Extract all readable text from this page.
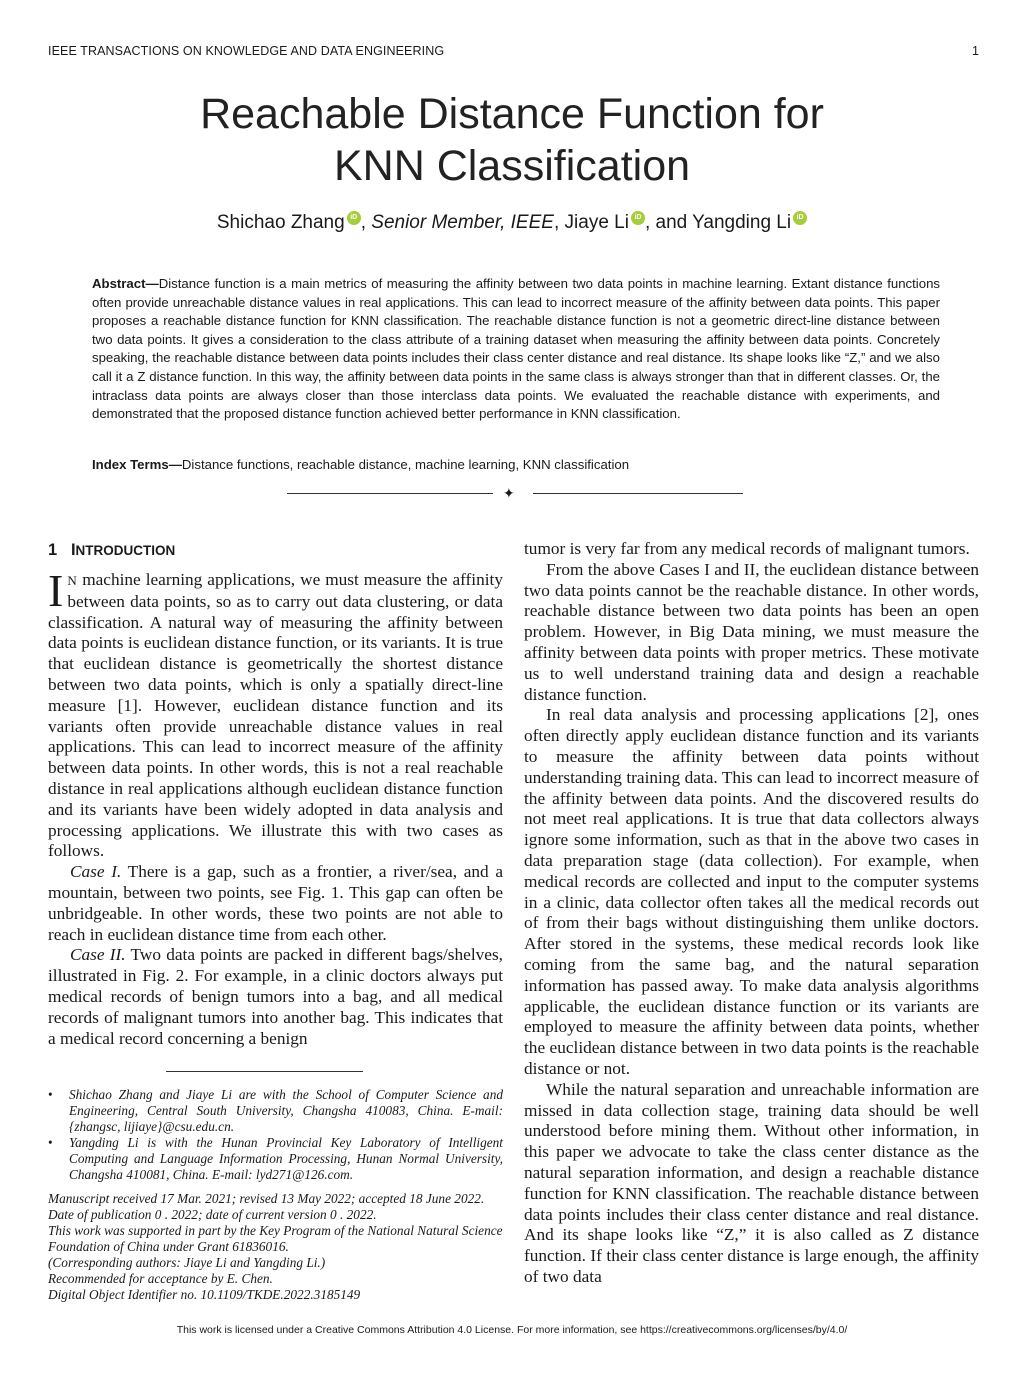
IEEE TRANSACTIONS ON KNOWLEDGE AND DATA ENGINEERING	1
Reachable Distance Function for
KNN Classification
Shichao Zhang iD , Senior Member, IEEE, Jiaye Li iD , and Yangding Li iD
Abstract—Distance function is a main metrics of measuring the affinity between two data points in machine learning. Extant distance functions often provide unreachable distance values in real applications. This can lead to incorrect measure of the affinity between data points. This paper proposes a reachable distance function for KNN classification. The reachable distance function is not a geometric direct-line distance between two data points. It gives a consideration to the class attribute of a training dataset when measuring the affinity between data points. Concretely speaking, the reachable distance between data points includes their class center distance and real distance. Its shape looks like “Z,” and we also call it a Z distance function. In this way, the affinity between data points in the same class is always stronger than that in different classes. Or, the intraclass data points are always closer than those interclass data points. We evaluated the reachable distance with experiments, and demonstrated that the proposed distance function achieved better performance in KNN classification.
Index Terms—Distance functions, reachable distance, machine learning, KNN classification
✦
1 INTRODUCTION

I N machine learning applications, we must measure the affinity between data points, so as to carry out data clustering, or data classification. A natural way of measuring the affinity between data points is euclidean distance function, or its variants. It is true that euclidean distance is geometrically the shortest distance between two data points, which is only a spatially direct-line measure [1]. However, euclidean distance function and its variants often provide unreachable distance values in real applications. This can lead to incorrect measure of the affinity between data points. In other words, this is not a real reachable distance in real applications although euclidean distance function and its variants have been widely adopted in data analysis and processing applications. We illustrate this with two cases as follows.

Case I. There is a gap, such as a frontier, a river/sea, and a mountain, between two points, see Fig. 1. This gap can often be unbridgeable. In other words, these two points are not able to reach in euclidean distance time from each other.

Case II. Two data points are packed in different bags/shelves, illustrated in Fig. 2. For example, in a clinic doctors always put medical records of benign tumors into a bag, and all medical records of malignant tumors into another bag. This indicates that a medical record concerning a benign

• Shichao Zhang and Jiaye Li are with the School of Computer Science and Engineering, Central South University, Changsha 410083, China. E-mail: {zhangsc, lijiaye}@csu.edu.cn.
• Yangding Li is with the Hunan Provincial Key Laboratory of Intelligent Computing and Language Information Processing, Hunan Normal University, Changsha 410081, China. E-mail: lyd271@126.com.
Manuscript received 17 Mar. 2021; revised 13 May 2022; accepted 18 June 2022.
Date of publication 0 . 2022; date of current version 0 . 2022.
This work was supported in part by the Key Program of the National Natural Science Foundation of China under Grant 61836016.
(Corresponding authors: Jiaye Li and Yangding Li.)
Recommended for acceptance by E. Chen.
Digital Object Identifier no. 10.1109/TKDE.2022.3185149

tumor is very far from any medical records of malignant tumors.

From the above Cases I and II, the euclidean distance between two data points cannot be the reachable distance. In other words, reachable distance between two data points has been an open problem. However, in Big Data mining, we must measure the affinity between data points with proper metrics. These motivate us to well understand training data and design a reachable distance function.

In real data analysis and processing applications [2], ones often directly apply euclidean distance function and its variants to measure the affinity between data points without understanding training data. This can lead to incorrect measure of the affinity between data points. And the discovered results do not meet real applications. It is true that data collectors always ignore some information, such as that in the above two cases in data preparation stage (data collection). For example, when medical records are collected and input to the computer systems in a clinic, data collector often takes all the medical records out of from their bags without distinguishing them unlike doctors. After stored in the systems, these medical records look like coming from the same bag, and the natural separation information has passed away. To make data analysis algorithms applicable, the euclidean distance function or its variants are employed to measure the affinity between data points, whether the euclidean distance between in two data points is the reachable distance or not.

While the natural separation and unreachable information are missed in data collection stage, training data should be well understood before mining them. Without other information, in this paper we advocate to take the class center distance as the natural separation information, and design a reachable distance function for KNN classification. The reachable distance between data points includes their class center distance and real distance. And its shape looks like “Z,” it is also called as Z distance function. If their class center distance is large enough, the affinity of two data

This work is licensed under a Creative Commons Attribution 4.0 License. For more information, see https://creativecommons.org/licenses/by/4.0/
